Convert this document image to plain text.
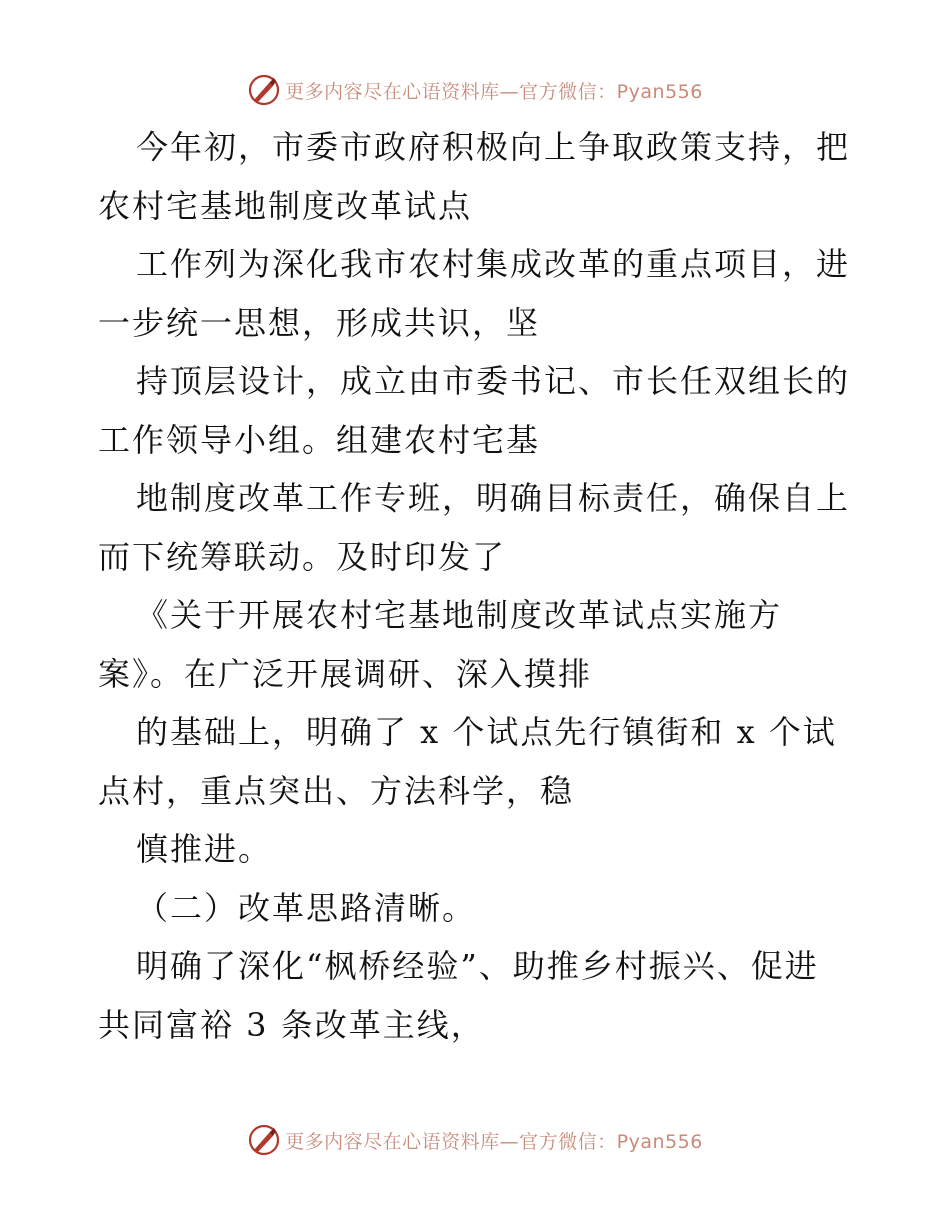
更多内容尽在心语资料库—官方微信：Pyan556
今年初，市委市政府积极向上争取政策支持，把
农村宅基地制度改革试点
工作列为深化我市农村集成改革的重点项目，进
一步统一思想，形成共识，坚
持顶层设计，成立由市委书记、市长任双组长的
工作领导小组。组建农村宅基
地制度改革工作专班，明确目标责任，确保自上
而下统筹联动。及时印发了
《关于开展农村宅基地制度改革试点实施方
案》。在广泛开展调研、深入摸排
的基础上，明确了 x 个试点先行镇街和 x 个试
点村，重点突出、方法科学，稳
慎推进。
（二）改革思路清晰。
明确了深化“枫桥经验”、助推乡村振兴、促进
共同富裕 3 条改革主线，
更多内容尽在心语资料库—官方微信：Pyan556
